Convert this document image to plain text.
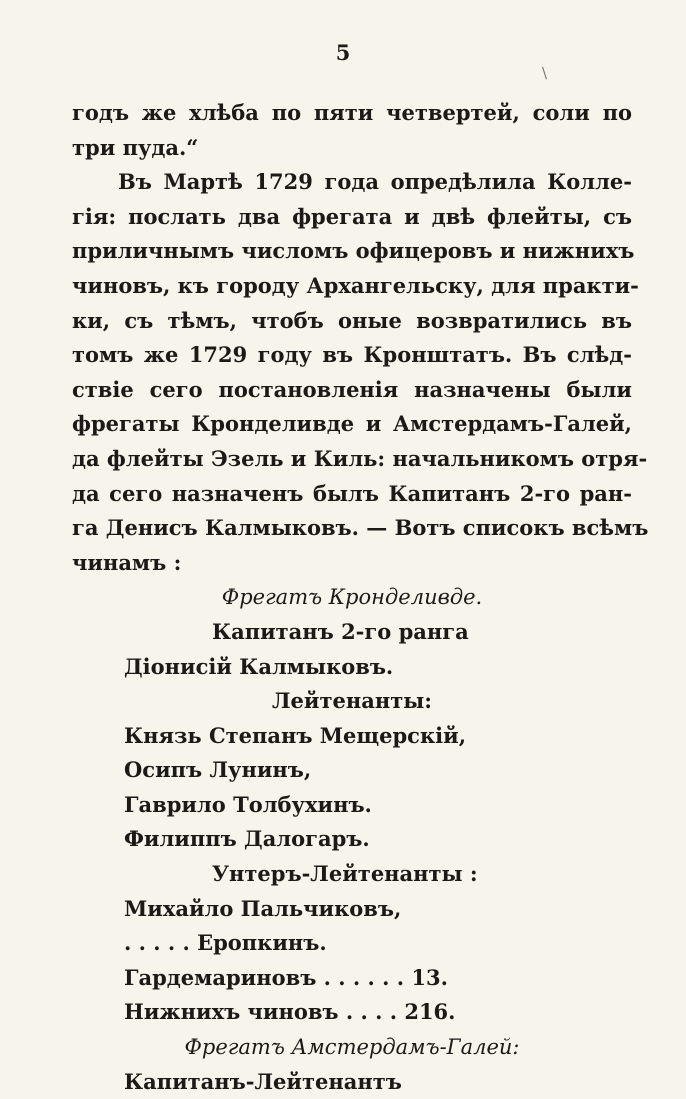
5
\
годъ же хлѣба по пяти четвертей, соли по
три пуда.“
Въ Мартѣ 1729 года опредѣлила Колле-
гія: послать два фрегата и двѣ флейты, съ
приличнымъ числомъ офицеровъ и нижнихъ
чиновъ, къ городу Архангельску, для практи-
ки, съ тѣмъ, чтобъ оные возвратились въ
томъ же 1729 году въ Кронштатъ. Въ слѣд-
ствіе сего постановленія назначены были
фрегаты Кронделивде и Амстердамъ-Галей,
да флейты Эзель и Киль: начальникомъ отря-
да сего назначенъ былъ Капитанъ 2-го ран-
га Денисъ Калмыковъ. — Вотъ списокъ всѣмъ
чинамъ :
Фрегатъ Кронделивде.
Капитанъ 2-го ранга
Діонисій Калмыковъ.
Лейтенанты:
Князь Степанъ Мещерскій,
Осипъ Лунинъ,
Гаврило Толбухинъ.
Филиппъ Далогаръ.
Унтеръ-Лейтенанты :
Михайло Пальчиковъ,
. . . . . Еропкинъ.
Гардемариновъ . . . . . . 13.
Нижнихъ чиновъ . . . . 216.
Фрегатъ Амстердамъ-Галей:
Капитанъ-Лейтенантъ
